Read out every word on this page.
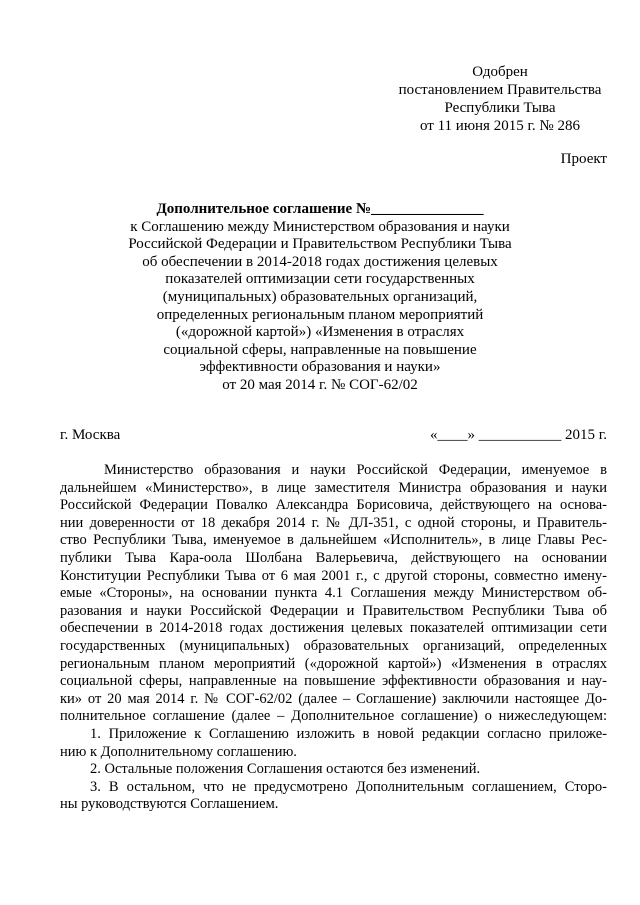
Одобрен
постановлением Правительства
Республики Тыва
от 11 июня 2015 г. № 286
Проект
Дополнительное соглашение №_______________
к Соглашению между Министерством образования и науки
Российской Федерации и Правительством Республики Тыва
об обеспечении в 2014-2018 годах достижения целевых
показателей оптимизации сети государственных
(муниципальных) образовательных организаций,
определенных региональным планом мероприятий
(«дорожной картой») «Изменения в отраслях
социальной сферы, направленные на повышение
эффективности образования и науки»
от 20 мая 2014 г. № СОГ-62/02
г. Москва	«____» ___________ 2015 г.
Министерство образования и науки Российской Федерации, именуемое в
дальнейшем «Министерство», в лице заместителя Министра образования и науки
Российской Федерации Повалко Александра Борисовича, действующего на основа-
нии доверенности от 18 декабря 2014 г. № ДЛ-351, с одной стороны, и Правитель-
ство Республики Тыва, именуемое в дальнейшем «Исполнитель», в лице Главы Рес-
публики Тыва Кара-оола Шолбана Валерьевича, действующего на основании
Конституции Республики Тыва от 6 мая 2001 г., с другой стороны, совместно имену-
емые «Стороны», на основании пункта 4.1 Соглашения между Министерством об-
разования и науки Российской Федерации и Правительством Республики Тыва об
обеспечении в 2014-2018 годах достижения целевых показателей оптимизации сети
государственных (муниципальных) образовательных организаций, определенных
региональным планом мероприятий («дорожной картой») «Изменения в отраслях
социальной сферы, направленные на повышение эффективности образования и нау-
ки» от 20 мая 2014 г. № СОГ-62/02 (далее – Соглашение) заключили настоящее До-
полнительное соглашение (далее – Дополнительное соглашение) о нижеследующем:
1. Приложение к Соглашению изложить в новой редакции согласно приложе-
нию к Дополнительному соглашению.
2. Остальные положения Соглашения остаются без изменений.
3. В остальном, что не предусмотрено Дополнительным соглашением, Сторо-
ны руководствуются Соглашением.
